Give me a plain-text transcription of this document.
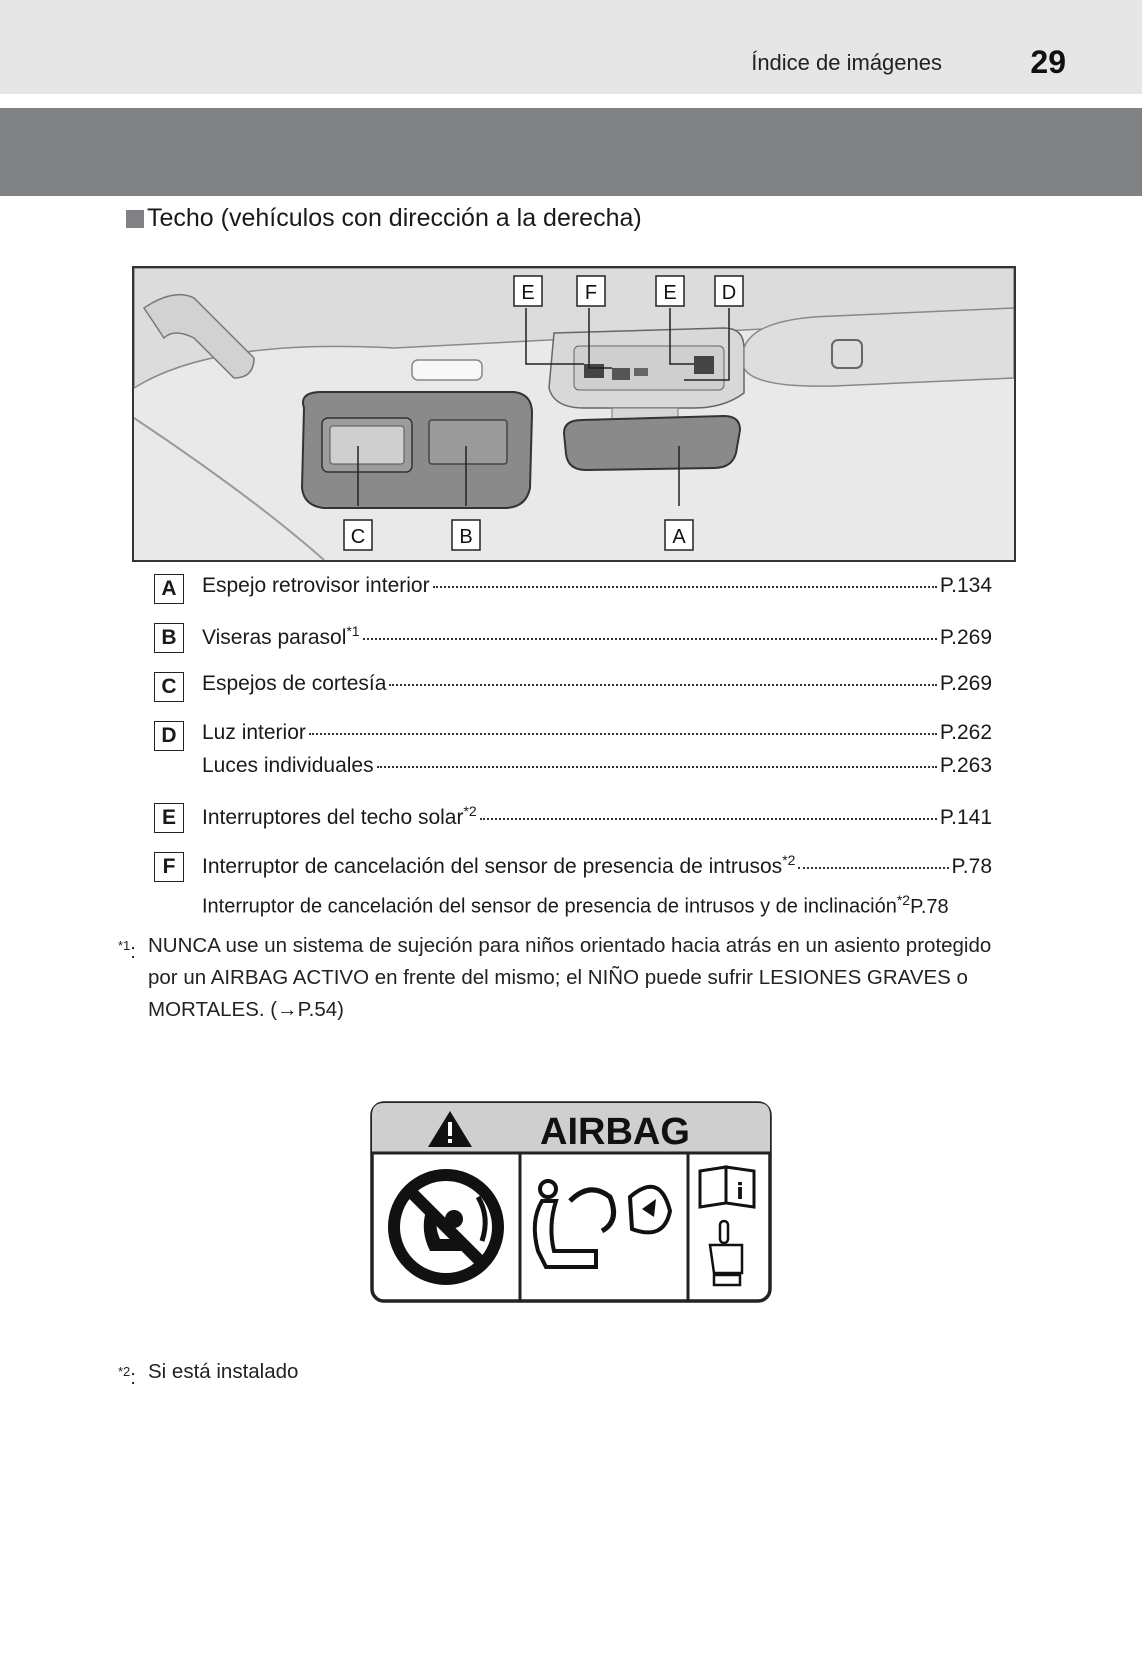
Índice de imágenes	29
Techo (vehículos con dirección a la derecha)
E	F	E D
C	B	A
A	Espejo retrovisor interior	P.134
B	Viseras parasol$^{*1}$	P.269
C	Espejos de cortesía	P.269
D	Luz interior	P.262
Luces individuales	P.263
E	Interruptores del techo solar$^{*2}$	P.141
F	Interruptor de cancelación del sensor de presencia de intrusos$^{*2}$	P.78
Interruptor de cancelación del sensor de presencia de intrusos y de inclinación$^{*2}$ P.78
$^{*1}$: NUNCA use un sistema de sujeción para niños orientado hacia atrás en un asiento protegido por un AIRBAG ACTIVO en frente del mismo; el NIÑO puede sufrir LESIONES GRAVES o MORTALES. (→P.54)
AIRBAG
i
$^{*2}$: Si está instalado
